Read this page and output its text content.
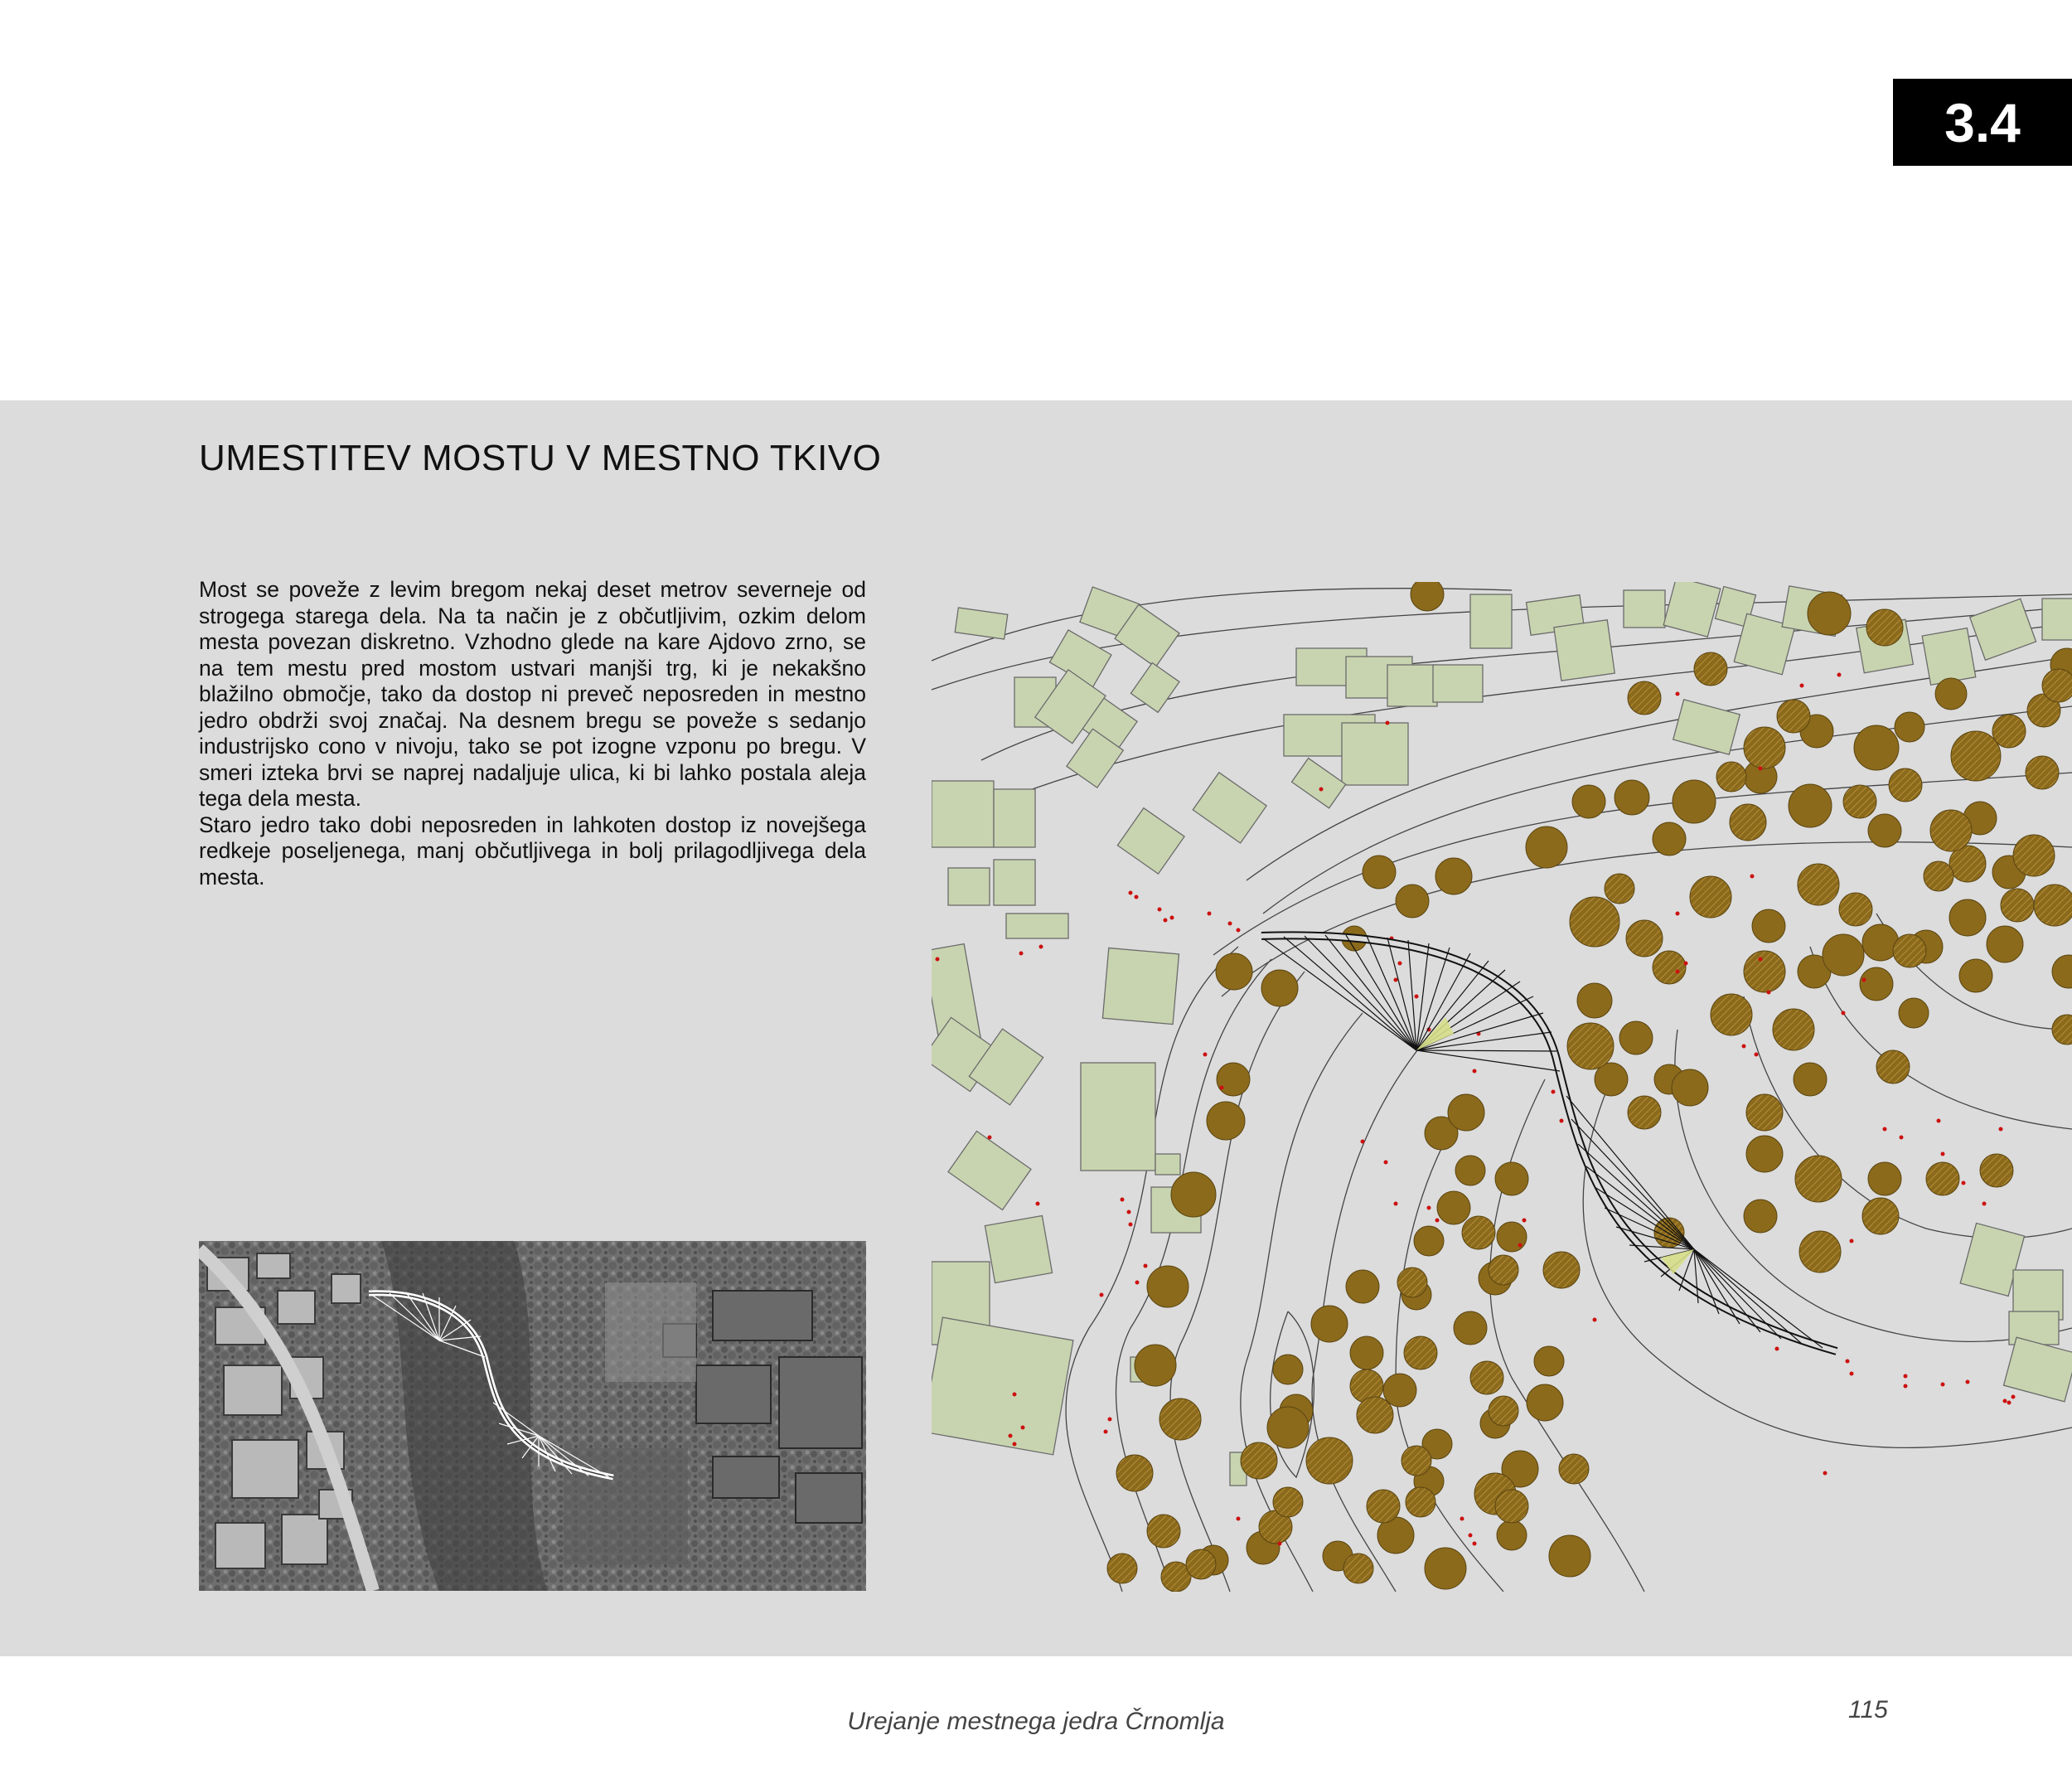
3.4
UMESTITEV MOSTU V MESTNO TKIVO

Most se poveže z levim bregom nekaj deset metrov severneje od strogega starega dela. Na ta način je z občutljivim, ozkim delom mesta povezan diskretno. Vzhodno glede na kare Ajdovo zrno, se na tem mestu pred mostom ustvari manjši trg, ki je nekakšno blažilno območje, tako da dostop ni preveč neposreden in mestno jedro obdrži svoj značaj. Na desnem bregu se poveže s sedanjo industrijsko cono v nivoju, tako se pot izogne vzponu po bregu. V smeri izteka brvi se naprej nadaljuje ulica, ki bi lahko postala aleja tega dela mesta.

Staro jedro tako dobi neposreden in lahkoten dostop iz novejšega redkeje poseljenega, manj občutljivega in bolj prilagodljivega dela mesta.

Urejanje mestnega jedra Črnomlja	115
